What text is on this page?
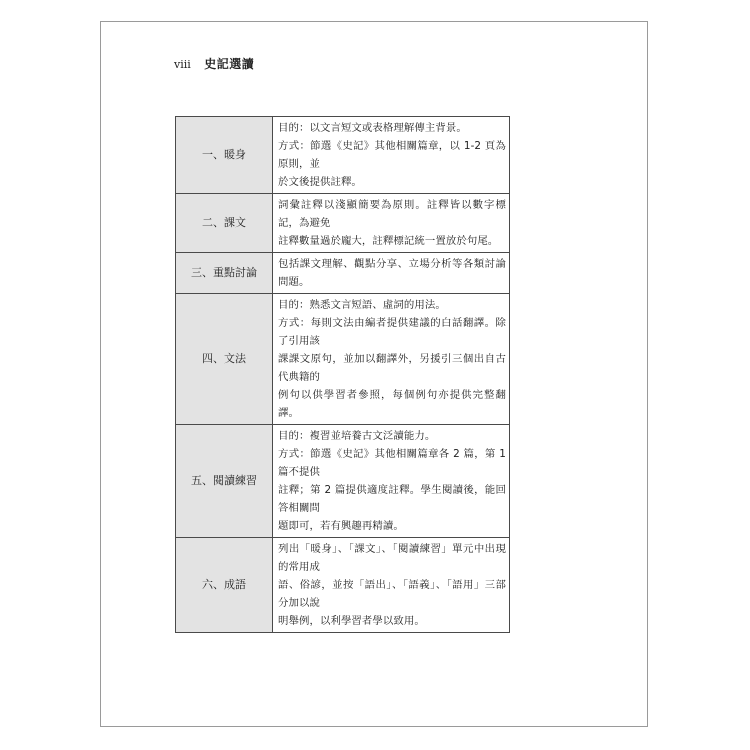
viii 史記選讀
一、暖身	目的：以文言短文或表格理解傳主背景。
方式：節選《史記》其他相關篇章，以 1-2 頁為原則，並
於文後提供註釋。

二、課文	詞彙註釋以淺顯簡要為原則。註釋皆以數字標記，為避免
註釋數量過於龐大，註釋標記統一置放於句尾。

三、重點討論	包括課文理解、觀點分享、立場分析等各類討論問題。

四、文法	目的：熟悉文言短語、虛詞的用法。
方式：每則文法由編者提供建議的白話翻譯。除了引用該
課課文原句，並加以翻譯外，另援引三個出自古代典籍的
例句以供學習者參照，每個例句亦提供完整翻譯。

五、閱讀練習	目的：複習並培養古文泛讀能力。
方式：節選《史記》其他相關篇章各 2 篇，第 1 篇不提供
註釋；第 2 篇提供適度註釋。學生閱讀後，能回答相關問
題即可，若有興趣再精讀。

六、成語	列出「暖身」、「課文」、「閱讀練習」單元中出現的常用成
語、俗諺，並按「語出」、「語義」、「語用」三部分加以說
明舉例，以利學習者學以致用。
